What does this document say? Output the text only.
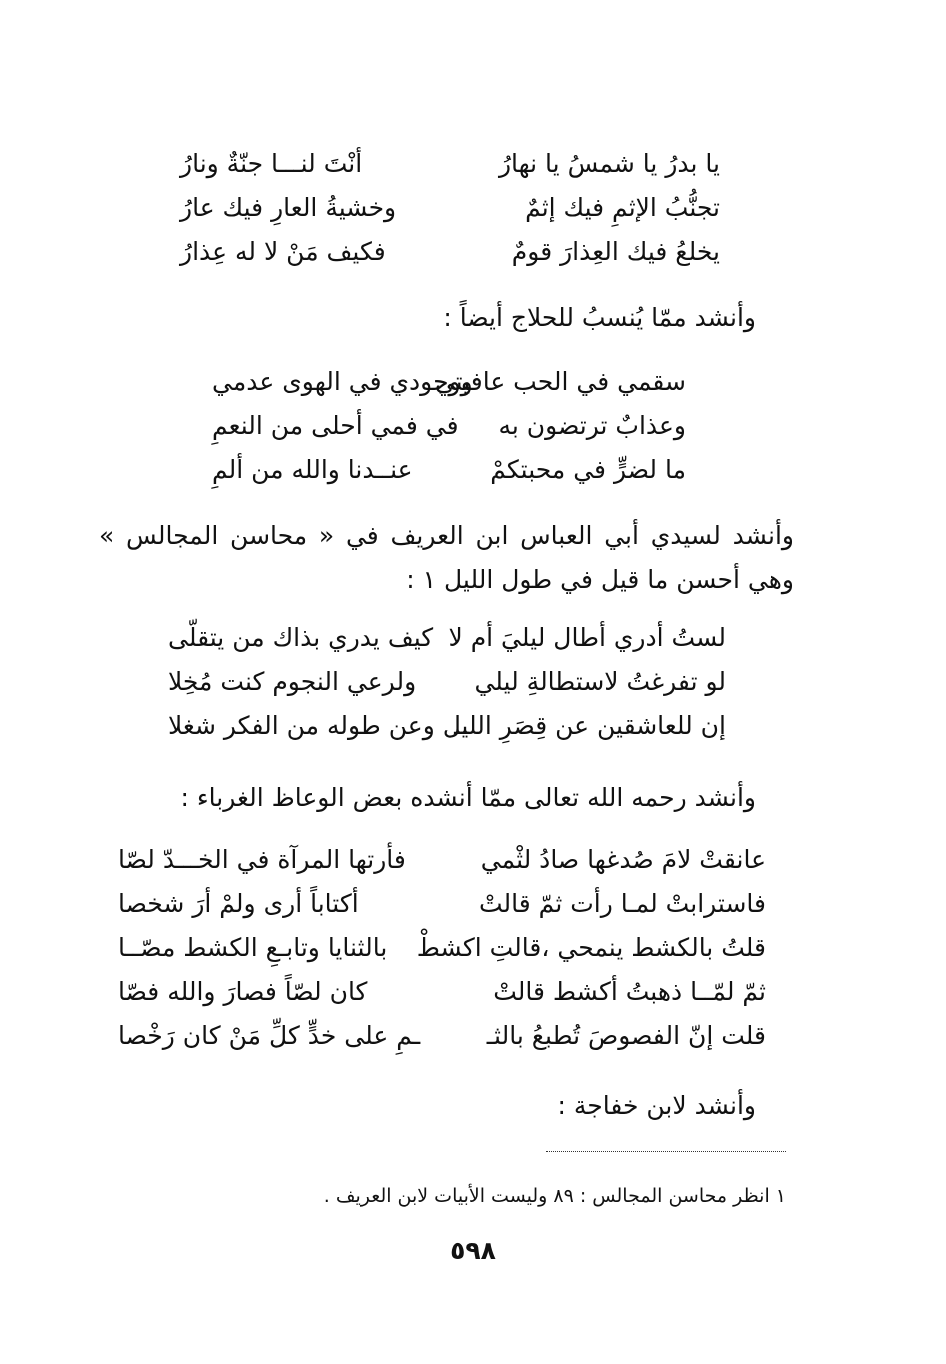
يا بدرُ يا شمسُ يا نهارُ
أنْتَ لنـــا جنّةٌ ونارُ
تجنُّبُ الإثمِ فيك إثمٌ
وخشيةُ العارِ فيك عارُ
يخلعُ فيك العِذارَ قومٌ
فكيف مَنْ لا له عِذارُ
وأنشد ممّا يُنسبُ للحلاج أيضاً :
سقمي في الحب عافيتي
ووجودي في الهوى عدمي
وعذابٌ ترتضون به
في فمي أحلى من النعمِ
ما لضرٍّ في محبتكمْ
عنــدنا والله من ألمِ
وأنشد لسيدي أبي العباس ابن العريف في « محاسن المجالس » وهي أحسن ما قيل في طول الليل ١ :
لستُ أدري أطال ليليَ أم لا
كيف يدري بذاك من يتقلّى
لو تفرغتُ لاستطالةِ ليلي
ولرعي النجوم كنت مُخِلا
إن للعاشقين عن قِصَرِ الليـ
ـل وعن طوله من الفكر شغلا
وأنشد رحمه الله تعالى ممّا أنشده بعض الوعاظ الغرباء :
عانقتْ لامَ صُدغها صادُ لثْمي
فأرتها المرآة في الخـــدّ لصّا
فاسترابتْ لمـا رأت ثمّ قالتْ
أكتاباً أرى ولمْ أرَ شخصا
قلتُ بالكشط ينمحي ،قالتِ اكشطْ
بالثنايا وتابـعِ الكشط مصّــا
ثمّ لمّــا ذهبتُ أكشط قالتْ
كان لصّاً فصارَ والله فصّا
قلت إنّ الفصوصَ تُطبعُ بالثـ
ـمِ على خدٍّ كلِّ مَنْ كان رَخْصا
وأنشد لابن خفاجة :
١ انظر محاسن المجالس : ٨٩ وليست الأبيات لابن العريف .
٥٩٨
